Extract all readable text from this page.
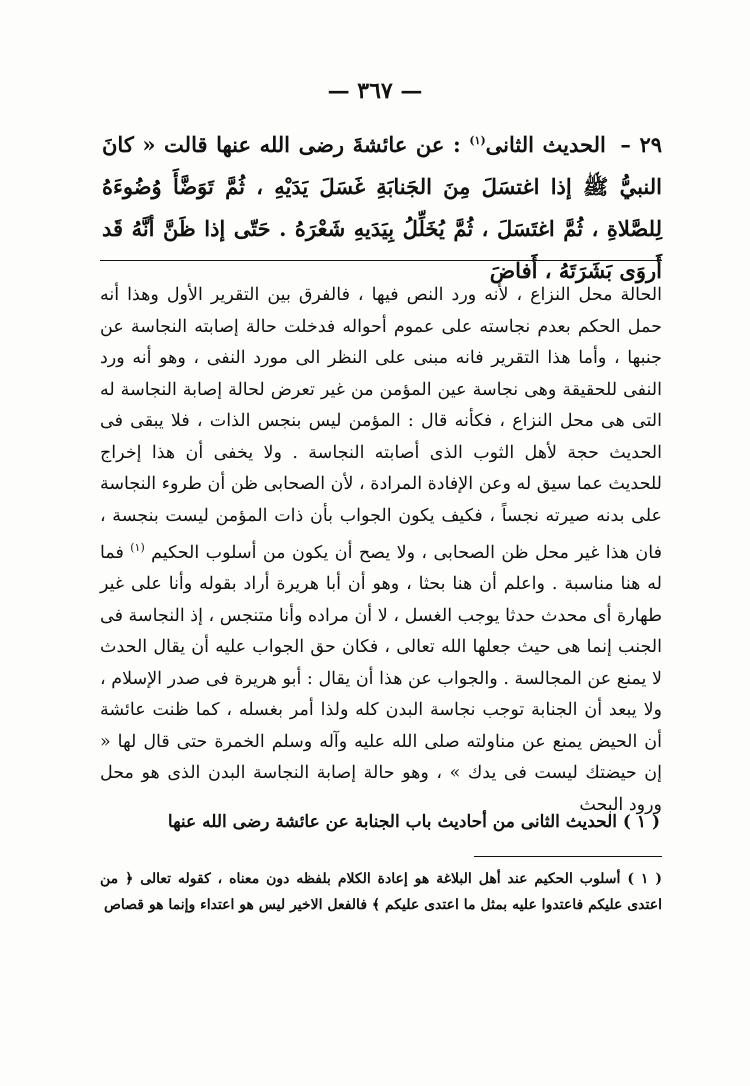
— ٣٦٧ —
٢٩ – الحديث الثانى$^{(١)}$ : عن عائشةَ رضى الله عنها قالت « كانَ النبيُّ ﷺ إذا اغتسَلَ مِنَ الجَنابَةِ غَسَلَ يَدَيْهِ ، ثُمَّ تَوَضَّأَ وُضُوءَهُ لِلصَّلاةِ ، ثُمَّ اغتَسَلَ ، ثُمَّ يُخَلِّلُ بِيَدَيهِ شَعْرَهُ . حَتّى إذا ظَنَّ أنَّهُ قَد أَروَى بَشَرَتَهُ ، أَفاضَ

الحالة محل النزاع ، لأنه ورد النص فيها ، فالفرق بين التقرير الأول وهذا أنه حمل الحكم بعدم نجاسته على عموم أحواله فدخلت حالة إصابته النجاسة عن جنبها ، وأما هذا التقرير فانه مبنى على النظر الى مورد النفى ، وهو أنه ورد النفى للحقيقة وهى نجاسة عين المؤمن من غير تعرض لحالة إصابة النجاسة له التى هى محل النزاع ، فكأنه قال : المؤمن ليس بنجس الذات ، فلا يبقى فى الحديث حجة لأهل الثوب الذى أصابته النجاسة . ولا يخفى أن هذا إخراج للحديث عما سيق له وعن الإفادة المرادة ، لأن الصحابى ظن أن طروء النجاسة على بدنه صيرته نجساً ، فكيف يكون الجواب بأن ذات المؤمن ليست بنجسة ، فان هذا غير محل ظن الصحابى ، ولا يصح أن يكون من أسلوب الحكيم $^{(١)}$ فما له هنا مناسبة . واعلم أن هنا بحثا ، وهو أن أبا هريرة أراد بقوله وأنا على غير طهارة أى محدث حدثا يوجب الغسل ، لا أن مراده وأنا متنجس ، إذ النجاسة فى الجنب إنما هى حيث جعلها الله تعالى ، فكان حق الجواب عليه أن يقال الحدث لا يمنع عن المجالسة . والجواب عن هذا أن يقال : أبو هريرة فى صدر الإسلام ، ولا يبعد أن الجنابة توجب نجاسة البدن كله ولذا أمر بغسله ، كما ظنت عائشة أن الحيض يمنع عن مناولته صلى الله عليه وآله وسلم الخمرة حتى قال لها « إن حيضتك ليست فى يدك » ، وهو حالة إصابة النجاسة البدن الذى هو محل ورود البحث

( ١ ) الحديث الثانى من أحاديث باب الجنابة عن عائشة رضى الله عنها
( ١ ) أسلوب الحكيم عند أهل البلاغة هو إعادة الكلام بلفظه دون معناه ، كقوله تعالى ﴿ من اعتدى عليكم فاعتدوا عليه بمثل ما اعتدى عليكم ﴾ فالفعل الاخير ليس هو اعتداء وإنما هو قصاص
